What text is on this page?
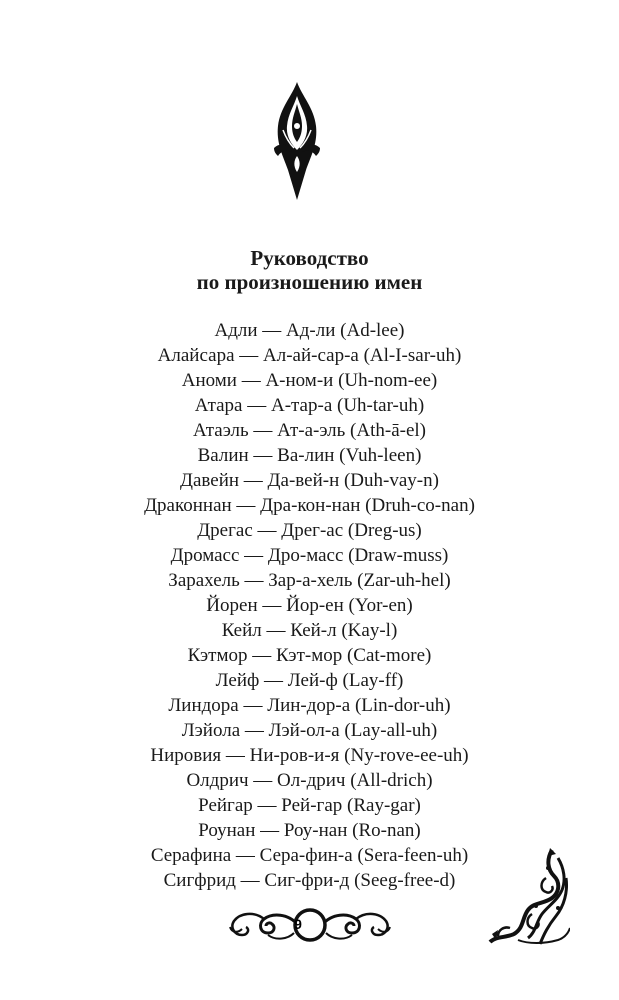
Руководство
по произношению имен
Адли — Ад-ли (Ad-lee)
Алайсара — Ал-ай-сар-а (Al-I-sar-uh)
Аноми — А-ном-и (Uh-nom-ee)
Атара — А-тар-а (Uh-tar-uh)
Атаэль — Ат-а-эль (Ath-ā-el)
Валин — Ва-лин (Vuh-leen)
Давейн — Да-вей-н (Duh-vay-n)
Драконнан — Дра-кон-нан (Druh-co-nan)
Дрегас — Дрег-ас (Dreg-us)
Дромасс — Дро-масс (Draw-muss)
Зарахель — Зар-а-хель (Zar-uh-hel)
Йорен — Йор-ен (Yor-en)
Кейл — Кей-л (Kay-l)
Кэтмор — Кэт-мор (Cat-more)
Лейф — Лей-ф (Lay-ff)
Линдора — Лин-дор-а (Lin-dor-uh)
Лэйола — Лэй-ол-а (Lay-all-uh)
Нировия — Ни-ров-и-я (Ny-rove-ee-uh)
Олдрич — Ол-дрич (All-drich)
Рейгар — Рей-гар (Ray-gar)
Роунан — Роу-нан (Ro-nan)
Серафина — Сера-фин-а (Sera-feen-uh)
Сигфрид — Сиг-фри-д (Seeg-free-d)
9
